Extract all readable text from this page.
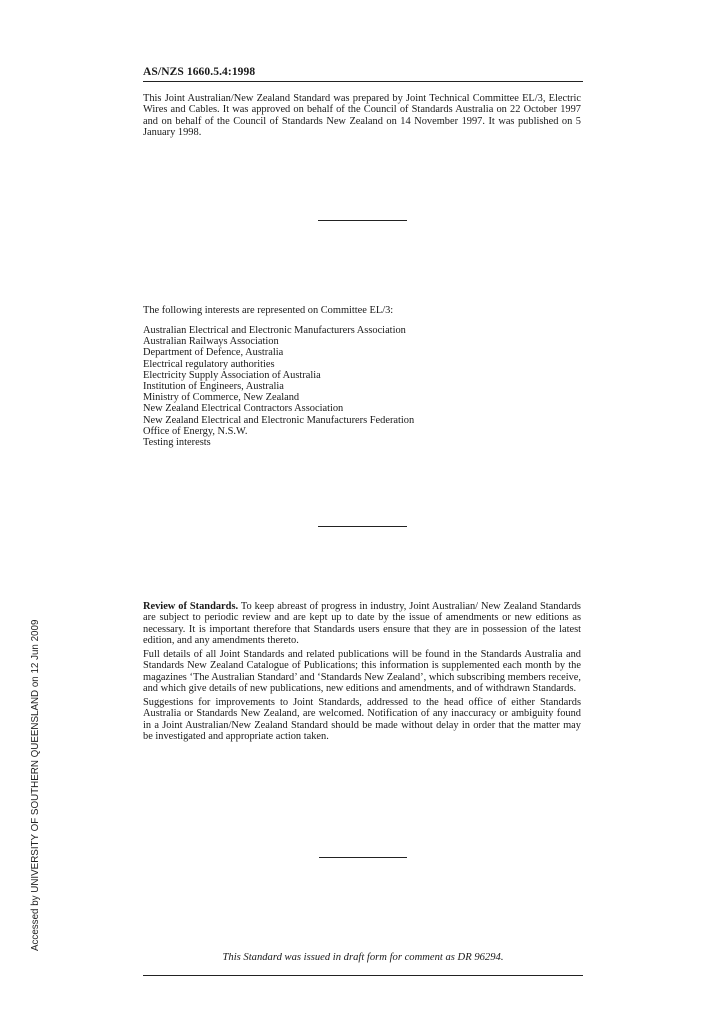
AS/NZS 1660.5.4:1998

This Joint Australian/New Zealand Standard was prepared by Joint Technical Committee EL/3, Electric Wires and Cables. It was approved on behalf of the Council of Standards Australia on 22 October 1997 and on behalf of the Council of Standards New Zealand on 14 November 1997. It was published on 5 January 1998.

The following interests are represented on Committee EL/3:

Australian Electrical and Electronic Manufacturers Association
Australian Railways Association
Department of Defence, Australia
Electrical regulatory authorities
Electricity Supply Association of Australia
Institution of Engineers, Australia
Ministry of Commerce, New Zealand
New Zealand Electrical Contractors Association
New Zealand Electrical and Electronic Manufacturers Federation
Office of Energy, N.S.W.
Testing interests

Review of Standards. To keep abreast of progress in industry, Joint Australian/ New Zealand Standards are subject to periodic review and are kept up to date by the issue of amendments or new editions as necessary. It is important therefore that Standards users ensure that they are in possession of the latest edition, and any amendments thereto.

Full details of all Joint Standards and related publications will be found in the Standards Australia and Standards New Zealand Catalogue of Publications; this information is supplemented each month by the magazines ‘The Australian Standard’ and ‘Standards New Zealand’, which subscribing members receive, and which give details of new publications, new editions and amendments, and of withdrawn Standards.

Suggestions for improvements to Joint Standards, addressed to the head office of either Standards Australia or Standards New Zealand, are welcomed. Notification of any inaccuracy or ambiguity found in a Joint Australian/New Zealand Standard should be made without delay in order that the matter may be investigated and appropriate action taken.

Accessed by UNIVERSITY OF SOUTHERN QUEENSLAND on 12 Jun 2009
This Standard was issued in draft form for comment as DR 96294.
